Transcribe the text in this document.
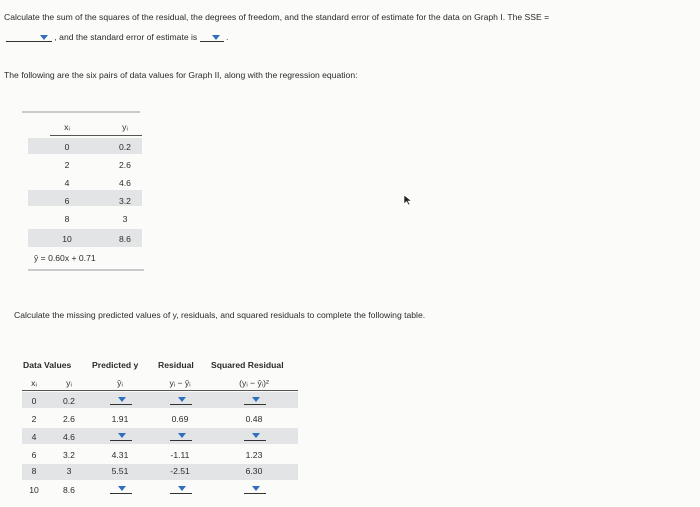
Calculate the sum of the squares of the residual, the degrees of freedom, and the standard error of estimate for the data on Graph I. The SSE =
, and the standard error of estimate is	.
The following are the six pairs of data values for Graph II, along with the regression equation:
xᵢ	yᵢ
0	0.2
2	2.6
4	4.6
6	3.2
8	3
10	8.6
ŷ = 0.60x + 0.71
Calculate the missing predicted values of y, residuals, and squared residuals to complete the following table.
Data Values Predicted y Residual Squared Residual
xᵢ	yᵢ	ŷᵢ	yᵢ − ŷᵢ	(yᵢ − ŷᵢ)²
0	0.2
2	2.6	1.91	0.69	0.48
4	4.6
6	3.2	4.31	-1.11	1.23
8	3	5.51	-2.51	6.30
10	8.6
